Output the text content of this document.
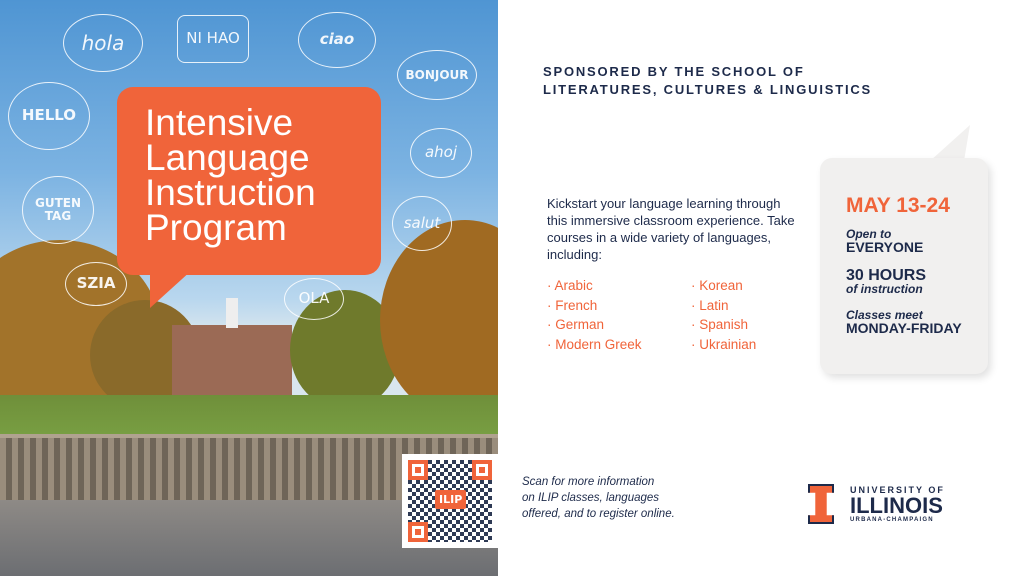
hola	NI HAO	ciao
BONJOUR
HELLO
ahoj
GUTEN TAG	salut
SZIA
OLA
Intensive
Language
Instruction
Program
ILIP
SPONSORED BY THE SCHOOL OF
LITERATURES, CULTURES & LINGUISTICS
Kickstart your language learning through this immersive classroom experience. Take courses in a wide variety of languages, including:
· Arabic
· French
· German
· Modern Greek
· Korean
· Latin
· Spanish
· Ukrainian
MAY 13-24
Open to
EVERYONE
30 HOURS
of instruction
Classes meet
MONDAY-FRIDAY
Scan for more information
on ILIP classes, languages
offered, and to register online.
UNIVERSITY OF
ILLINOIS
URBANA-CHAMPAIGN
